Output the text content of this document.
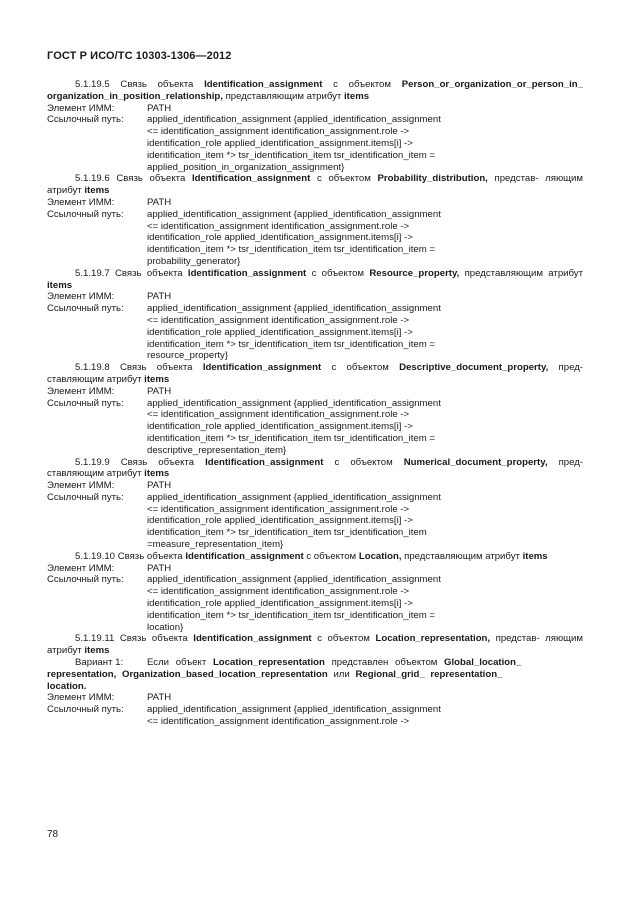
ГОСТ Р ИСО/ТС 10303-1306—2012

5.1.19.5 Связь объекта Identification_assignment с объектом Person_or_organization_or_person_in_ organization_in_position_relationship, представляющим атрибут items

Элемент ИММ:	PATH
Ссылочный путь:	applied_identification_assignment {applied_identification_assignment
<= identification_assignment identification_assignment.role ->
identification_role applied_identification_assignment.items[i] ->
identification_item *> tsr_identification_item tsr_identification_item =
applied_position_in_organization_assignment}

5.1.19.6 Связь объекта Identification_assignment с объектом Probability_distribution, представ- ляющим атрибут items

Элемент ИММ:	PATH
Ссылочный путь:	applied_identification_assignment {applied_identification_assignment
<= identification_assignment identification_assignment.role ->
identification_role applied_identification_assignment.items[i] ->
identification_item *> tsr_identification_item tsr_identification_item =
probability_generator}

5.1.19.7 Связь объекта Identification_assignment с объектом Resource_property, представляющим атрибут items

Элемент ИММ:	PATH
Ссылочный путь:	applied_identification_assignment {applied_identification_assignment
<= identification_assignment identification_assignment.role ->
identification_role applied_identification_assignment.items[i] ->
identification_item *> tsr_identification_item tsr_identification_item =
resource_property}

5.1.19.8 Связь объекта Identification_assignment с объектом Descriptive_document_property, пред- ставляющим атрибут items

Элемент ИММ:	PATH
Ссылочный путь:	applied_identification_assignment {applied_identification_assignment
<= identification_assignment identification_assignment.role ->
identification_role applied_identification_assignment.items[i] ->
identification_item *> tsr_identification_item tsr_identification_item =
descriptive_representation_item}

5.1.19.9 Связь объекта Identification_assignment с объектом Numerical_document_property, пред- ставляющим атрибут items

Элемент ИММ:	PATH
Ссылочный путь:	applied_identification_assignment {applied_identification_assignment
<= identification_assignment identification_assignment.role ->
identification_role applied_identification_assignment.items[i] ->
identification_item *> tsr_identification_item tsr_identification_item
=measure_representation_item}

5.1.19.10 Связь объекта Identification_assignment с объектом Location, представляющим атрибут items

Элемент ИММ:	PATH
Ссылочный путь:	applied_identification_assignment {applied_identification_assignment
<= identification_assignment identification_assignment.role ->
identification_role applied_identification_assignment.items[i] ->
identification_item *> tsr_identification_item tsr_identification_item =
location}

5.1.19.11 Связь объекта Identification_assignment с объектом Location_representation, представ- ляющим атрибут items

Вариант 1:	Если объект Location_representation представлен объектом Global_location_
representation, Organization_based_location_representation или Regional_grid_ representation_
location.
Элемент ИММ:	PATH
Ссылочный путь:	applied_identification_assignment {applied_identification_assignment
<= identification_assignment identification_assignment.role ->
78
